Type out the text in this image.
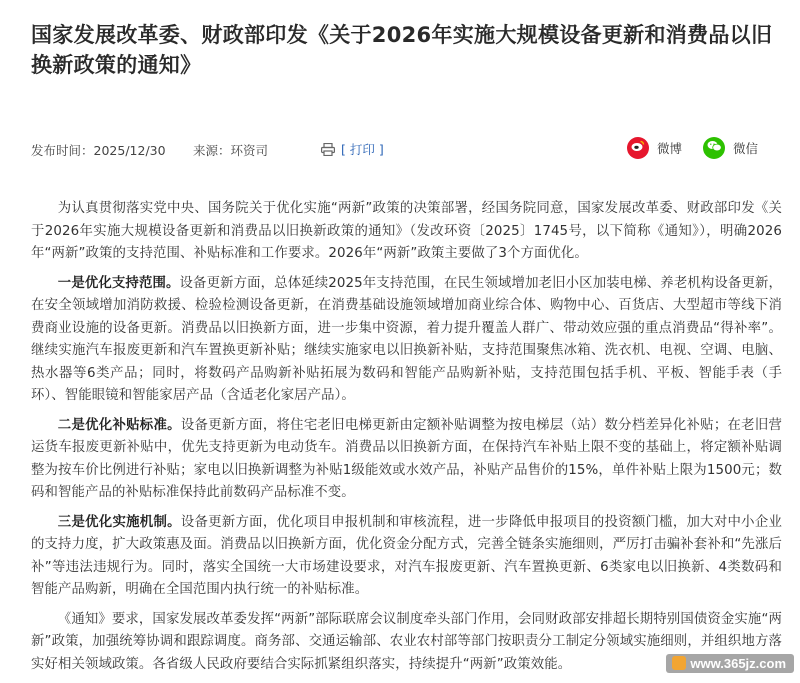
国家发展改革委、财政部印发《关于2026年实施大规模设备更新和消费品以旧换新政策的通知》
发布时间：2025/12/30 来源：环资司	[ 打印 ]	微博	微信

为认真贯彻落实党中央、国务院关于优化实施“两新”政策的决策部署，经国务院同意，国家发展改革委、财政部印发《关于2026年实施大规模设备更新和消费品以旧换新政策的通知》（发改环资〔2025〕1745号，以下简称《通知》），明确2026年“两新”政策的支持范围、补贴标准和工作要求。2026年“两新”政策主要做了3个方面优化。

一是优化支持范围。设备更新方面，总体延续2025年支持范围，在民生领域增加老旧小区加装电梯、养老机构设备更新，在安全领域增加消防救援、检验检测设备更新，在消费基础设施领域增加商业综合体、购物中心、百货店、大型超市等线下消费商业设施的设备更新。消费品以旧换新方面，进一步集中资源，着力提升覆盖人群广、带动效应强的重点消费品“得补率”。继续实施汽车报废更新和汽车置换更新补贴；继续实施家电以旧换新补贴，支持范围聚焦冰箱、洗衣机、电视、空调、电脑、热水器等6类产品；同时，将数码产品购新补贴拓展为数码和智能产品购新补贴，支持范围包括手机、平板、智能手表（手环）、智能眼镜和智能家居产品（含适老化家居产品）。

二是优化补贴标准。设备更新方面，将住宅老旧电梯更新由定额补贴调整为按电梯层（站）数分档差异化补贴；在老旧营运货车报废更新补贴中，优先支持更新为电动货车。消费品以旧换新方面，在保持汽车补贴上限不变的基础上，将定额补贴调整为按车价比例进行补贴；家电以旧换新调整为补贴1级能效或水效产品，补贴产品售价的15%，单件补贴上限为1500元；数码和智能产品的补贴标准保持此前数码产品标准不变。

三是优化实施机制。设备更新方面，优化项目申报机制和审核流程，进一步降低申报项目的投资额门槛，加大对中小企业的支持力度，扩大政策惠及面。消费品以旧换新方面，优化资金分配方式，完善全链条实施细则，严厉打击骗补套补和“先涨后补”等违法违规行为。同时，落实全国统一大市场建设要求，对汽车报废更新、汽车置换更新、6类家电以旧换新、4类数码和智能产品购新，明确在全国范围内执行统一的补贴标准。

《通知》要求，国家发展改革委发挥“两新”部际联席会议制度牵头部门作用，会同财政部安排超长期特别国债资金实施“两新”政策，加强统筹协调和跟踪调度。商务部、交通运输部、农业农村部等部门按职责分工制定分领域实施细则，并组织地方落实好相关领域政策。各省级人民政府要结合实际抓紧组织落实，持续提升“两新”政策效能。	www.365jz.com
